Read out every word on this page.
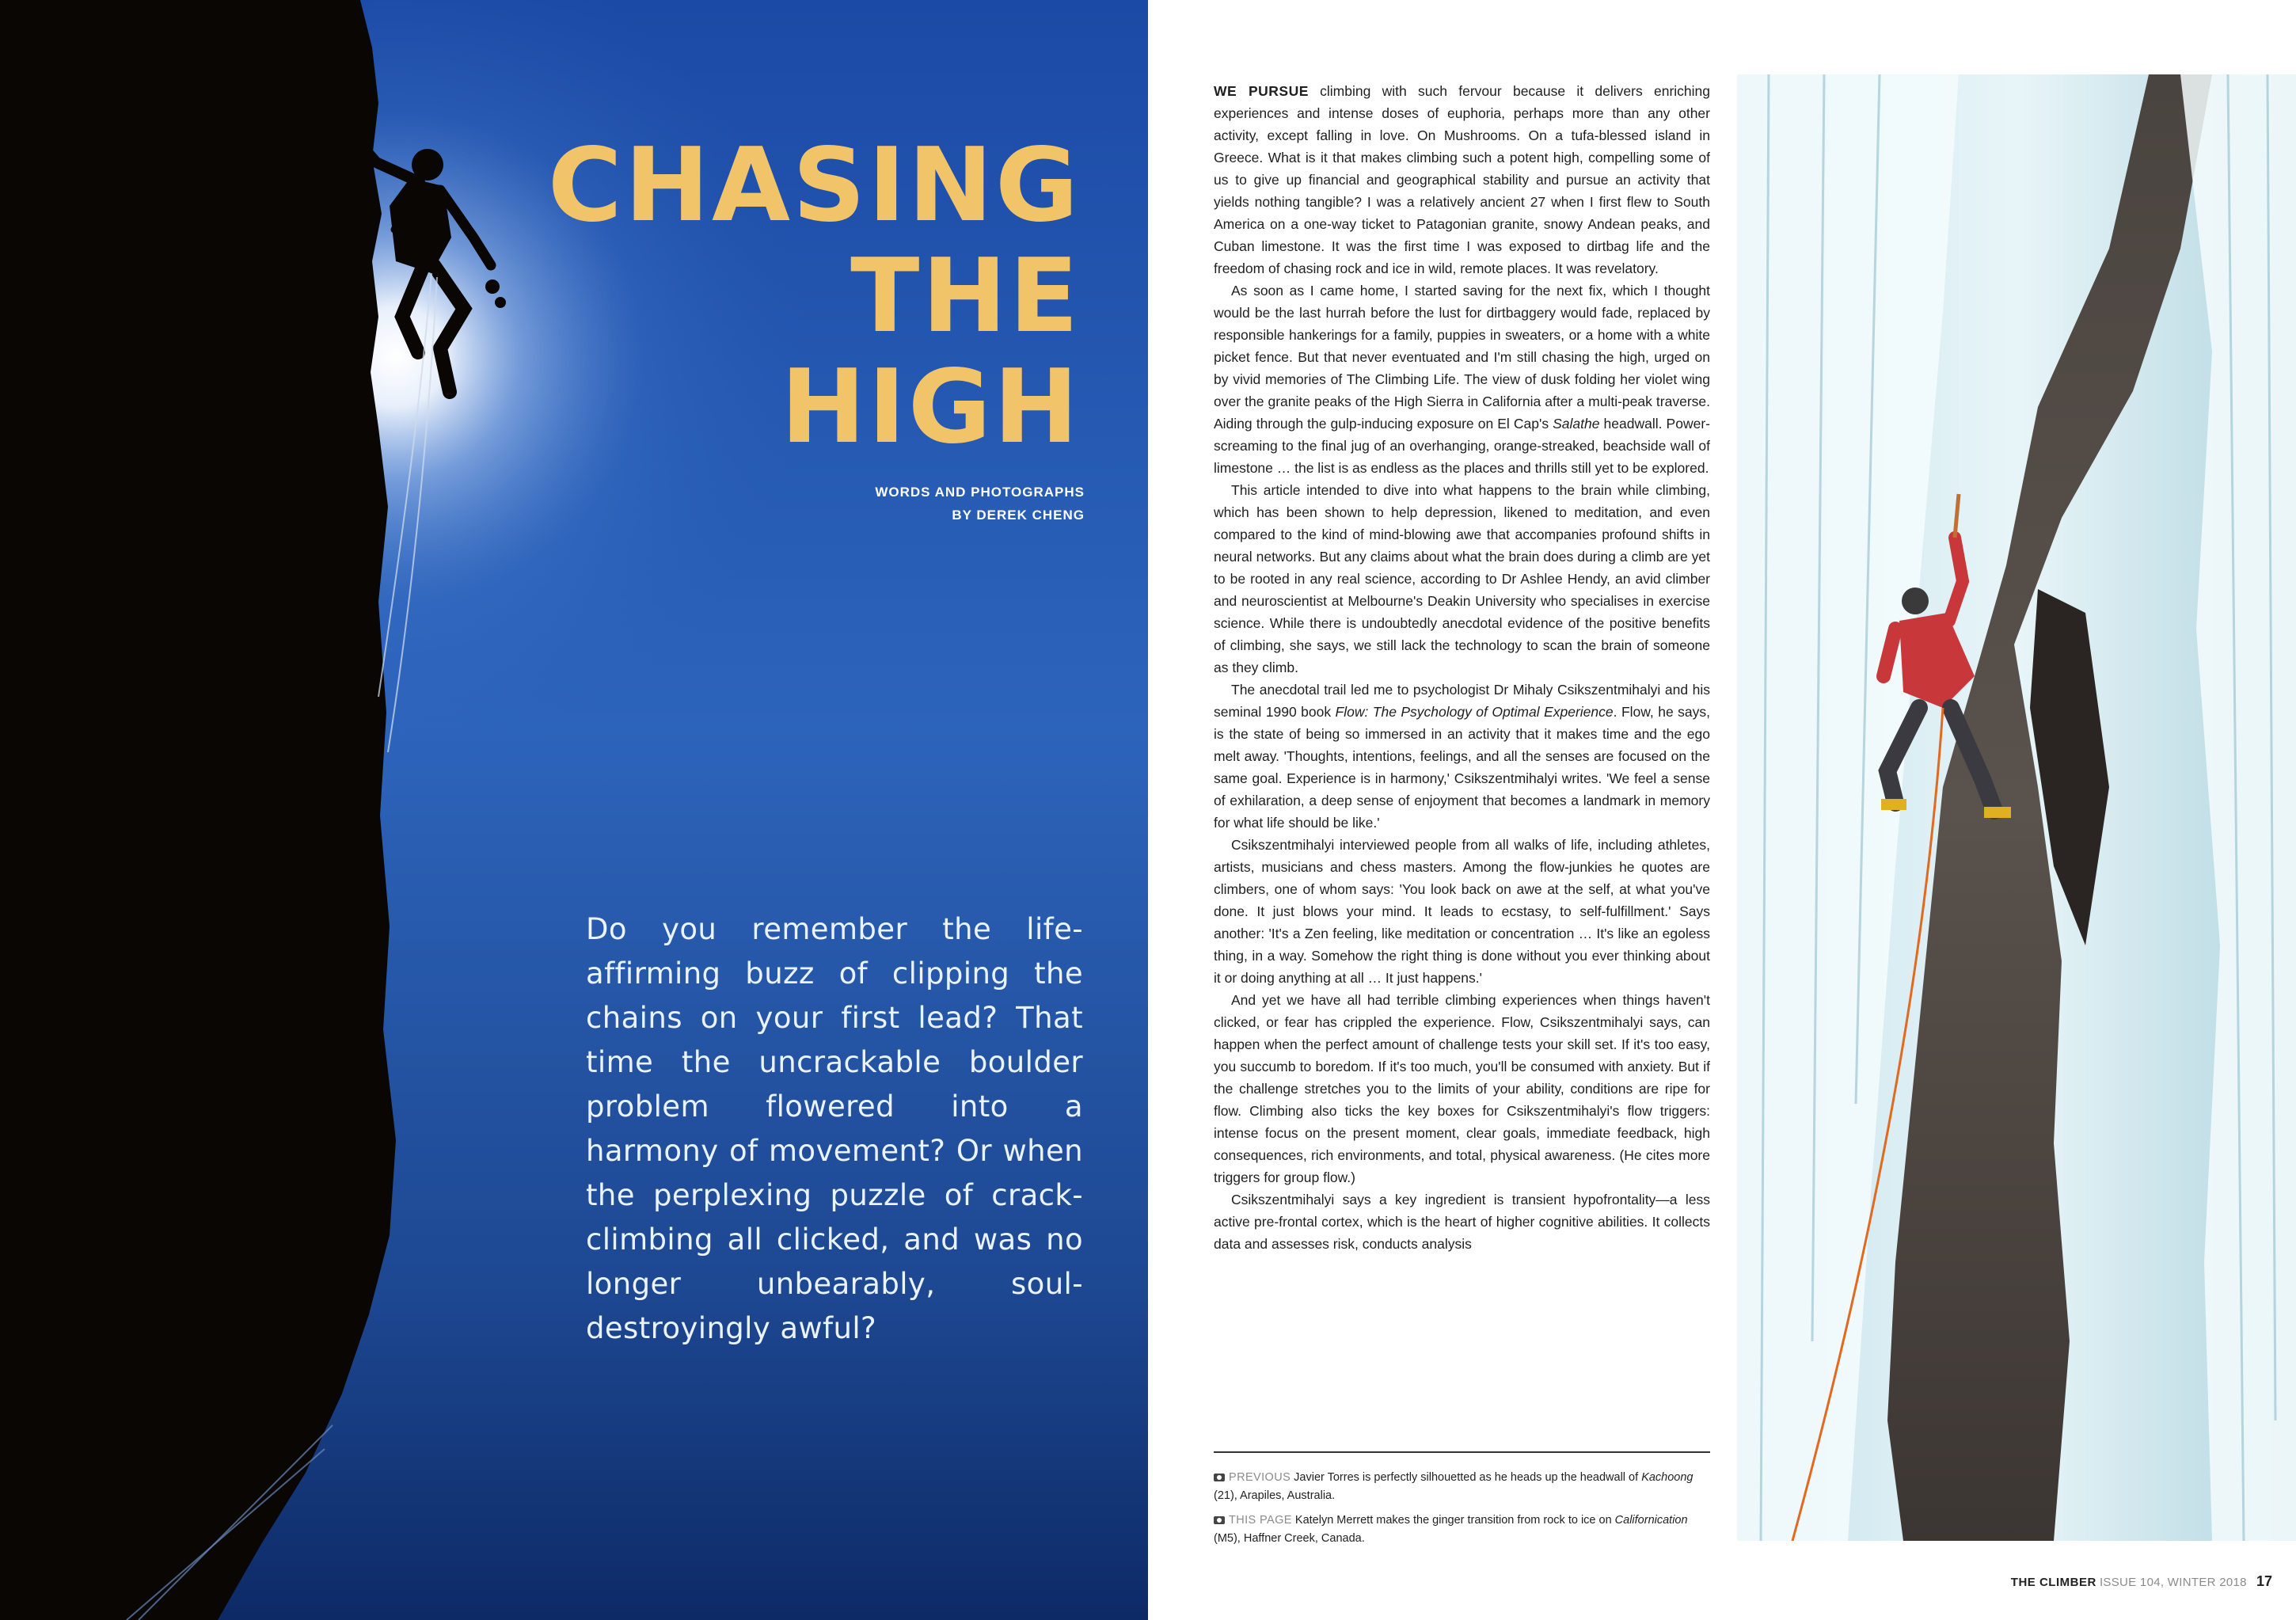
CHASING
THE
HIGH
WORDS AND PHOTOGRAPHS
BY DEREK CHENG

Do you remember the life-affirming buzz of clipping the chains on your first lead? That time the uncrackable boulder problem flowered into a harmony of movement? Or when the perplexing puzzle of crack-climbing all clicked, and was no longer unbearably, soul-destroyingly awful?

WE PURSUE climbing with such fervour because it delivers enriching experiences and intense doses of euphoria, perhaps more than any other activity, except falling in love. On Mushrooms. On a tufa-blessed island in Greece. What is it that makes climbing such a potent high, compelling some of us to give up financial and geographical stability and pursue an activity that yields nothing tangible? I was a relatively ancient 27 when I first flew to South America on a one-way ticket to Patagonian granite, snowy Andean peaks, and Cuban limestone. It was the first time I was exposed to dirtbag life and the freedom of chasing rock and ice in wild, remote places. It was revelatory.

As soon as I came home, I started saving for the next fix, which I thought would be the last hurrah before the lust for dirtbaggery would fade, replaced by responsible hankerings for a family, puppies in sweaters, or a home with a white picket fence. But that never eventuated and I'm still chasing the high, urged on by vivid memories of The Climbing Life. The view of dusk folding her violet wing over the granite peaks of the High Sierra in California after a multi-peak traverse. Aiding through the gulp-inducing exposure on El Cap's Salathe headwall. Power-screaming to the final jug of an overhanging, orange-streaked, beachside wall of limestone … the list is as endless as the places and thrills still yet to be explored.

This article intended to dive into what happens to the brain while climbing, which has been shown to help depression, likened to meditation, and even compared to the kind of mind-blowing awe that accompanies profound shifts in neural networks. But any claims about what the brain does during a climb are yet to be rooted in any real science, according to Dr Ashlee Hendy, an avid climber and neuroscientist at Melbourne's Deakin University who specialises in exercise science. While there is undoubtedly anecdotal evidence of the positive benefits of climbing, she says, we still lack the technology to scan the brain of someone as they climb.

The anecdotal trail led me to psychologist Dr Mihaly Csikszentmihalyi and his seminal 1990 book Flow: The Psychology of Optimal Experience. Flow, he says, is the state of being so immersed in an activity that it makes time and the ego melt away. 'Thoughts, intentions, feelings, and all the senses are focused on the same goal. Experience is in harmony,' Csikszentmihalyi writes. 'We feel a sense of exhilaration, a deep sense of enjoyment that becomes a landmark in memory for what life should be like.'

Csikszentmihalyi interviewed people from all walks of life, including athletes, artists, musicians and chess masters. Among the flow-junkies he quotes are climbers, one of whom says: 'You look back on awe at the self, at what you've done. It just blows your mind. It leads to ecstasy, to self-fulfillment.' Says another: 'It's a Zen feeling, like meditation or concentration … It's like an egoless thing, in a way. Somehow the right thing is done without you ever thinking about it or doing anything at all … It just happens.'

And yet we have all had terrible climbing experiences when things haven't clicked, or fear has crippled the experience. Flow, Csikszentmihalyi says, can happen when the perfect amount of challenge tests your skill set. If it's too easy, you succumb to boredom. If it's too much, you'll be consumed with anxiety. But if the challenge stretches you to the limits of your ability, conditions are ripe for flow. Climbing also ticks the key boxes for Csikszentmihalyi's flow triggers: intense focus on the present moment, clear goals, immediate feedback, high consequences, rich environments, and total, physical awareness. (He cites more triggers for group flow.)

Csikszentmihalyi says a key ingredient is transient hypofrontality—a less active pre-frontal cortex, which is the heart of higher cognitive abilities. It collects data and assesses risk, conducts analysis

PREVIOUS Javier Torres is perfectly silhouetted as he heads up the headwall of Kachoong (21), Arapiles, Australia.
THIS PAGE Katelyn Merrett makes the ginger transition from rock to ice on Californication (M5), Haffner Creek, Canada.
THE CLIMBER ISSUE 104, WINTER 2018 17
